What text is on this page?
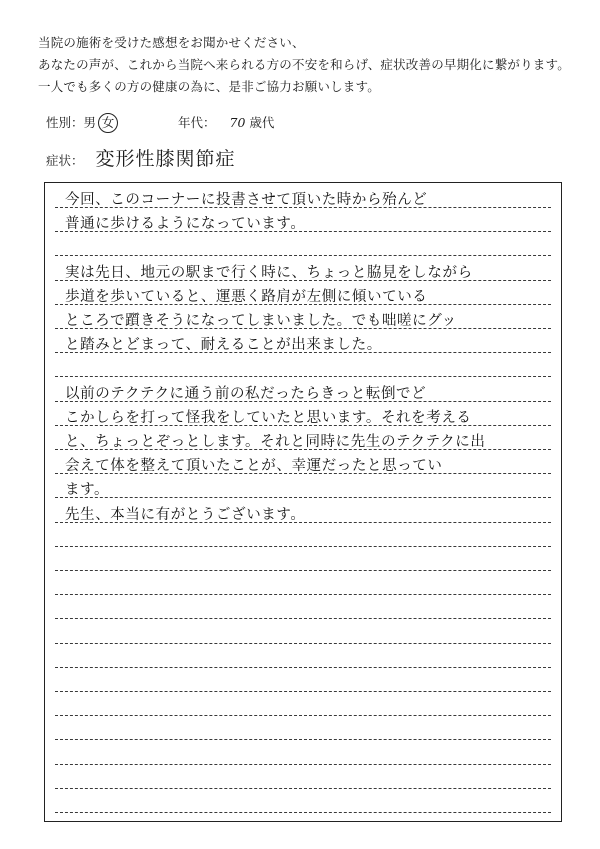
当院の施術を受けた感想をお聞かせください、
あなたの声が、これから当院へ来られる方の不安を和らげ、症状改善の早期化に繋がります。
一人でも多くの方の健康の為に、是非ご協力お願いします。
性別：男 女	年代： 70 歳代
症状： 変形性膝関節症
今回、このコーナーに投書させて頂いた時から殆んど
普通に歩けるようになっています。
実は先日、地元の駅まで行く時に、ちょっと脇見をしながら
歩道を歩いていると、運悪く路肩が左側に傾いている
ところで躓きそうになってしまいました。でも咄嗟にグッ
と踏みとどまって、耐えることが出来ました。
以前のテクテクに通う前の私だったらきっと転倒でど
こかしらを打って怪我をしていたと思います。それを考える
と、ちょっとぞっとします。それと同時に先生のテクテクに出
会えて体を整えて頂いたことが、幸運だったと思ってい
ます。
先生、本当に有がとうございます。
